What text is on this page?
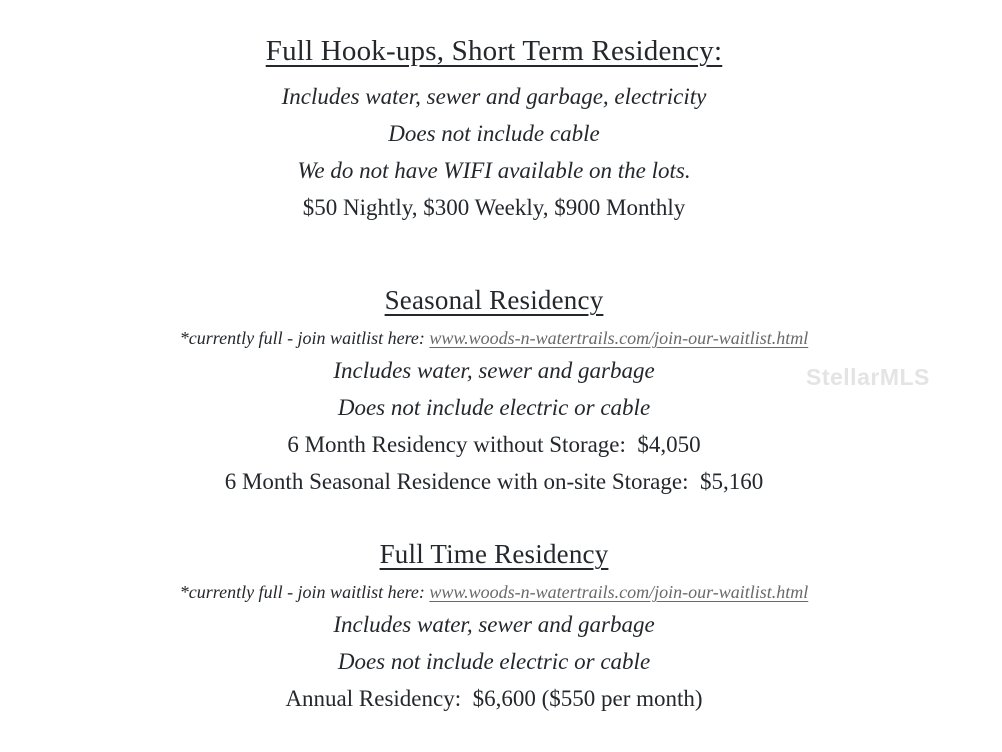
StellarMLS
Full Hook-ups, Short Term Residency:
Includes water, sewer and garbage, electricity
Does not include cable
We do not have WIFI available on the lots.
$50 Nightly, $300 Weekly, $900 Monthly
Seasonal Residency
*currently full - join waitlist here: www.woods-n-watertrails.com/join-our-waitlist.html
Includes water, sewer and garbage
Does not include electric or cable
6 Month Residency without Storage:  $4,050
6 Month Seasonal Residence with on-site Storage:  $5,160
Full Time Residency
*currently full - join waitlist here: www.woods-n-watertrails.com/join-our-waitlist.html
Includes water, sewer and garbage
Does not include electric or cable
Annual Residency:  $6,600 ($550 per month)
